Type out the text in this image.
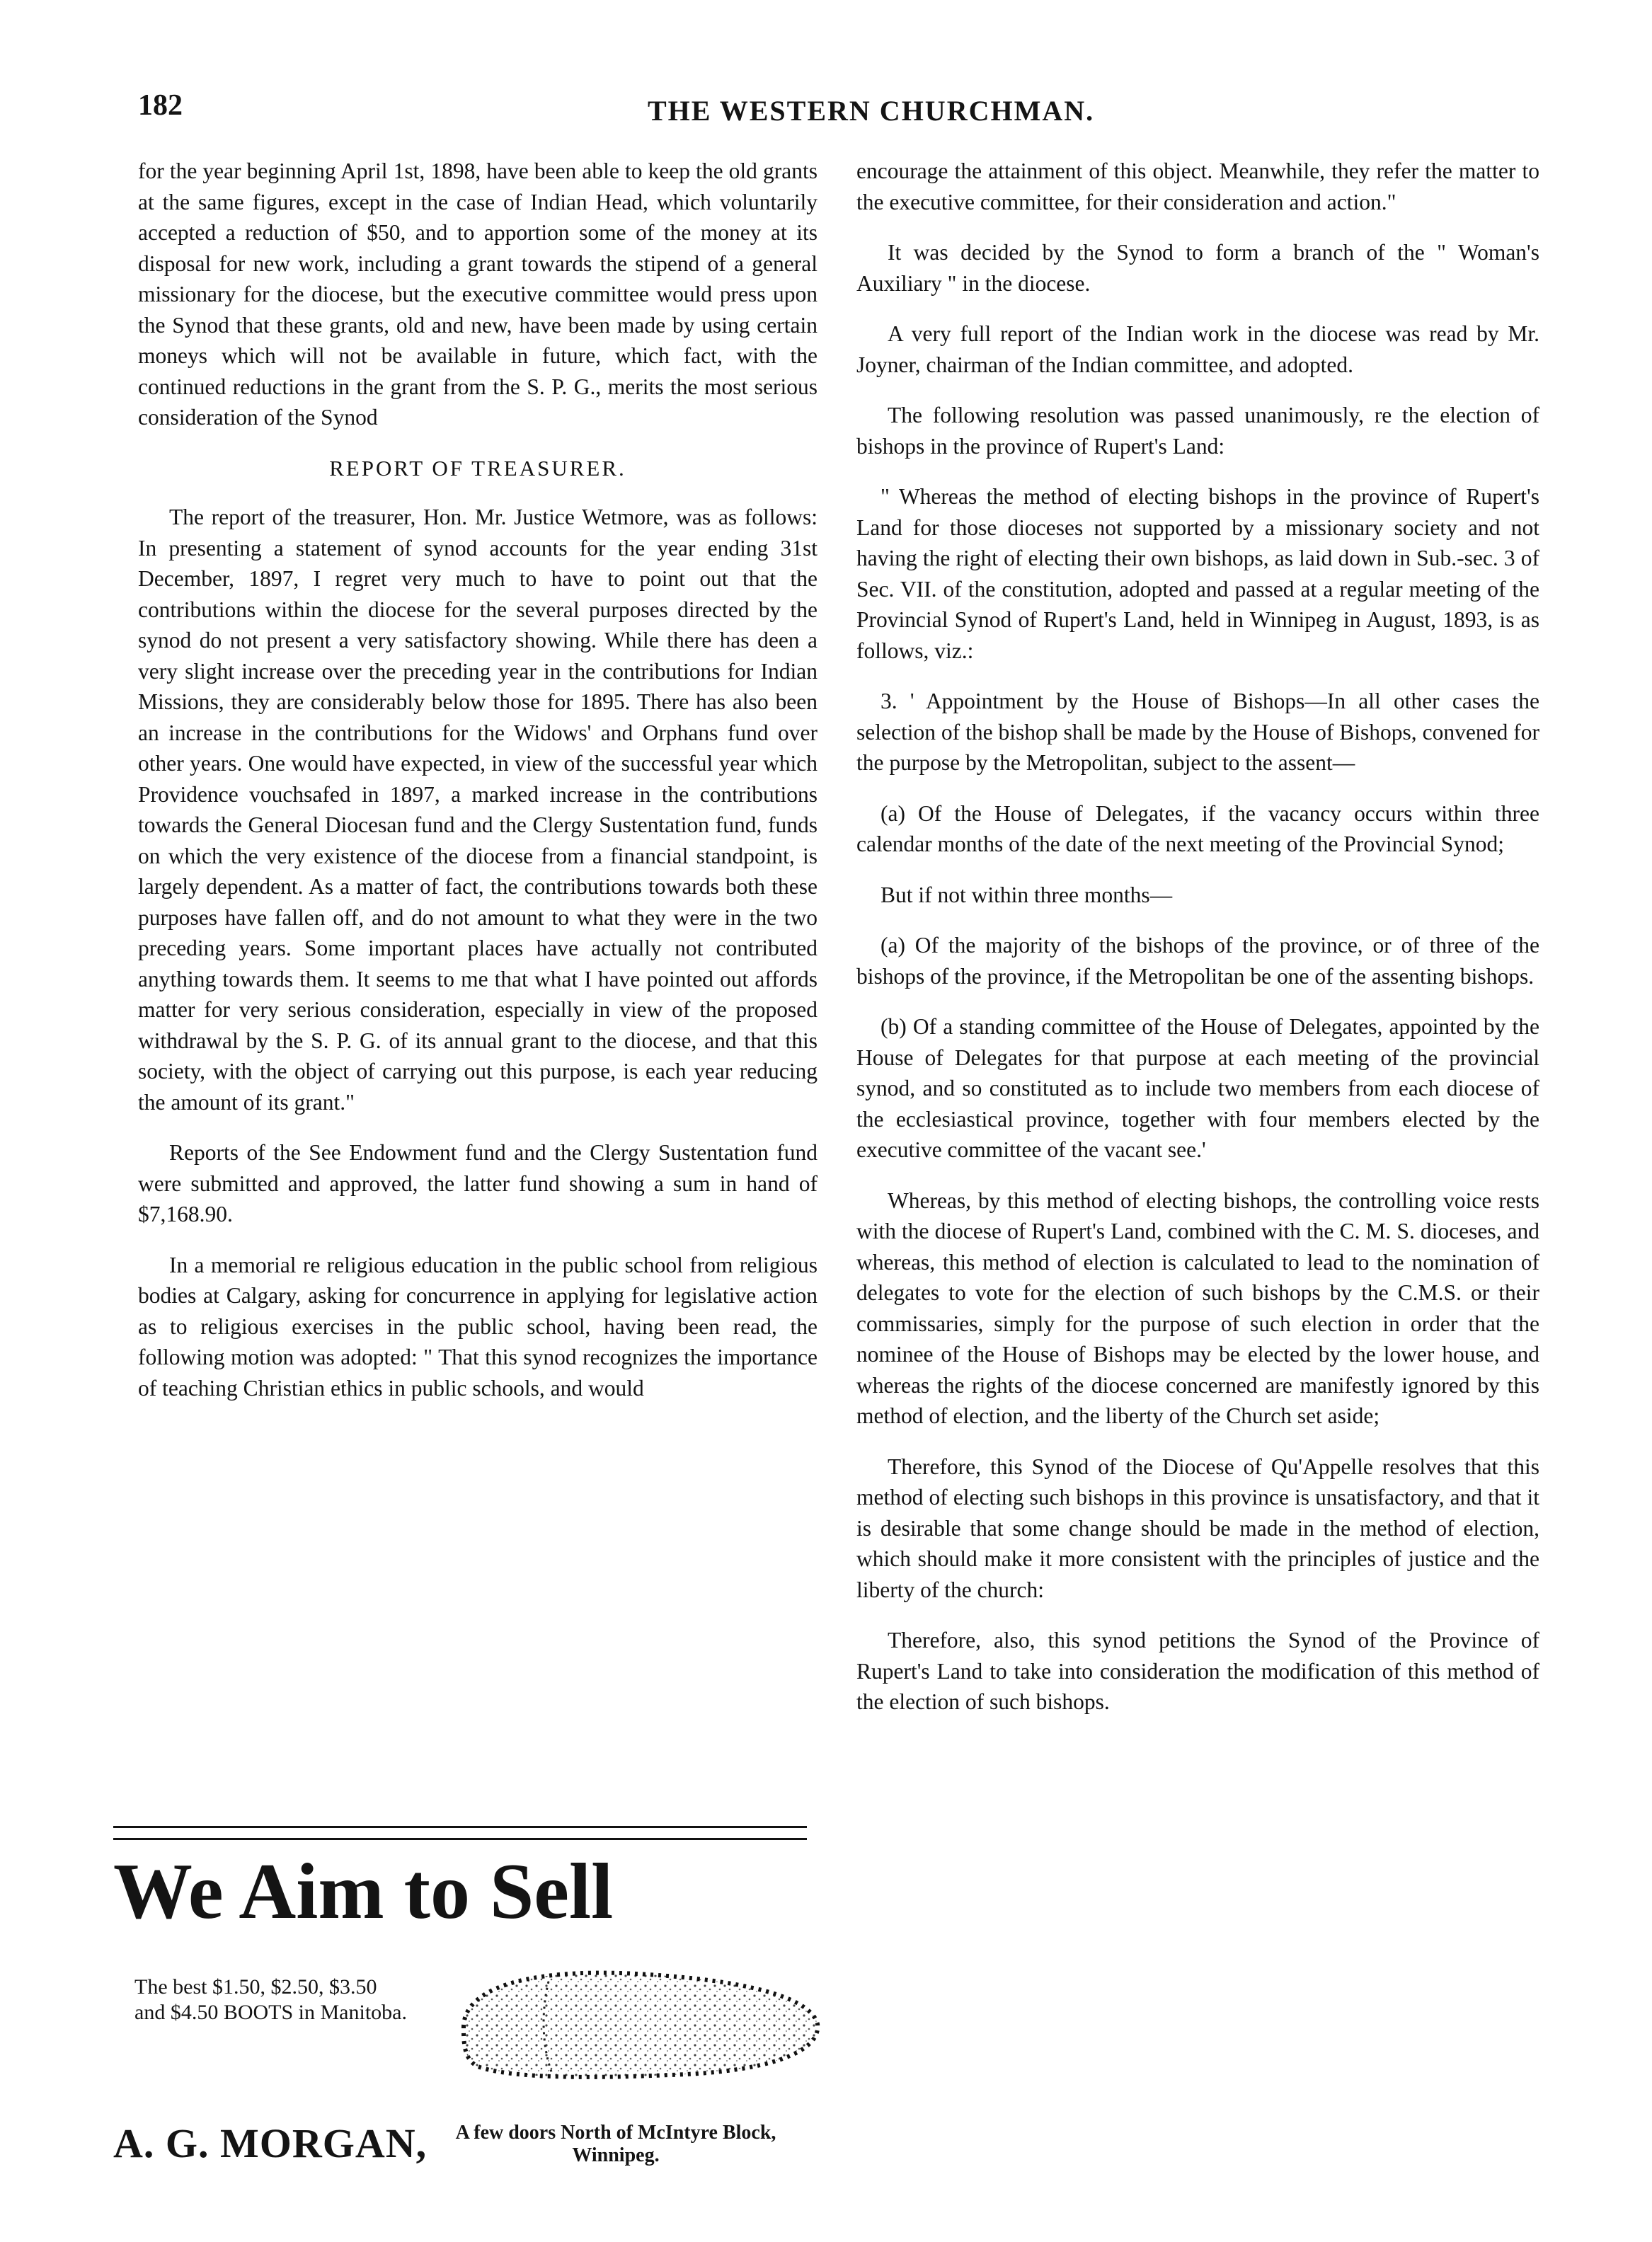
182	THE WESTERN CHURCHMAN.

for the year beginning April 1st, 1898, have been able to keep the old grants at the same figures, except in the case of Indian Head, which voluntarily accepted a reduction of $50, and to apportion some of the money at its disposal for new work, including a grant towards the stipend of a general missionary for the diocese, but the executive committee would press upon the Synod that these grants, old and new, have been made by using certain moneys which will not be available in future, which fact, with the continued reductions in the grant from the S. P. G., merits the most serious consideration of the Synod

REPORT OF TREASURER.

The report of the treasurer, Hon. Mr. Justice Wetmore, was as follows: In presenting a statement of synod accounts for the year ending 31st December, 1897, I regret very much to have to point out that the contributions within the diocese for the several purposes directed by the synod do not present a very satisfactory showing. While there has deen a very slight increase over the preceding year in the contributions for Indian Missions, they are considerably below those for 1895. There has also been an increase in the contributions for the Widows' and Orphans fund over other years. One would have expected, in view of the successful year which Providence vouchsafed in 1897, a marked increase in the contributions towards the General Diocesan fund and the Clergy Sustentation fund, funds on which the very existence of the diocese from a financial standpoint, is largely dependent. As a matter of fact, the contributions towards both these purposes have fallen off, and do not amount to what they were in the two preceding years. Some important places have actually not contributed anything towards them. It seems to me that what I have pointed out affords matter for very serious consideration, especially in view of the proposed withdrawal by the S. P. G. of its annual grant to the diocese, and that this society, with the object of carrying out this purpose, is each year reducing the amount of its grant."

Reports of the See Endowment fund and the Clergy Sustentation fund were submitted and approved, the latter fund showing a sum in hand of $7,168.90.

In a memorial re religious education in the public school from religious bodies at Calgary, asking for concurrence in applying for legislative action as to religious exercises in the public school, having been read, the following motion was adopted: " That this synod recognizes the importance of teaching Christian ethics in public schools, and would

encourage the attainment of this object. Meanwhile, they refer the matter to the executive committee, for their consideration and action."

It was decided by the Synod to form a branch of the " Woman's Auxiliary " in the diocese.

A very full report of the Indian work in the diocese was read by Mr. Joyner, chairman of the Indian committee, and adopted.

The following resolution was passed unanimously, re the election of bishops in the province of Rupert's Land:

" Whereas the method of electing bishops in the province of Rupert's Land for those dioceses not supported by a missionary society and not having the right of electing their own bishops, as laid down in Sub.-sec. 3 of Sec. VII. of the constitution, adopted and passed at a regular meeting of the Provincial Synod of Rupert's Land, held in Winnipeg in August, 1893, is as follows, viz.:

3. ' Appointment by the House of Bishops—In all other cases the selection of the bishop shall be made by the House of Bishops, convened for the purpose by the Metropolitan, subject to the assent—

(a) Of the House of Delegates, if the vacancy occurs within three calendar months of the date of the next meeting of the Provincial Synod;

But if not within three months—

(a) Of the majority of the bishops of the province, or of three of the bishops of the province, if the Metropolitan be one of the assenting bishops.

(b) Of a standing committee of the House of Delegates, appointed by the House of Delegates for that purpose at each meeting of the provincial synod, and so constituted as to include two members from each diocese of the ecclesiastical province, together with four members elected by the executive committee of the vacant see.'

Whereas, by this method of electing bishops, the controlling voice rests with the diocese of Rupert's Land, combined with the C. M. S. dioceses, and whereas, this method of election is calculated to lead to the nomination of delegates to vote for the election of such bishops by the C.M.S. or their commissaries, simply for the purpose of such election in order that the nominee of the House of Bishops may be elected by the lower house, and whereas the rights of the diocese concerned are manifestly ignored by this method of election, and the liberty of the Church set aside;

Therefore, this Synod of the Diocese of Qu'Appelle resolves that this method of electing such bishops in this province is unsatisfactory, and that it is desirable that some change should be made in the method of election, which should make it more consistent with the principles of justice and the liberty of the church:

Therefore, also, this synod petitions the Synod of the Province of Rupert's Land to take into consideration the modification of this method of the election of such bishops.

We Aim to Sell
The best $1.50, $2.50, $3.50 and $4.50 BOOTS in Manitoba.
A. G. MORGAN,	A few doors North of McIntyre Block, Winnipeg.
